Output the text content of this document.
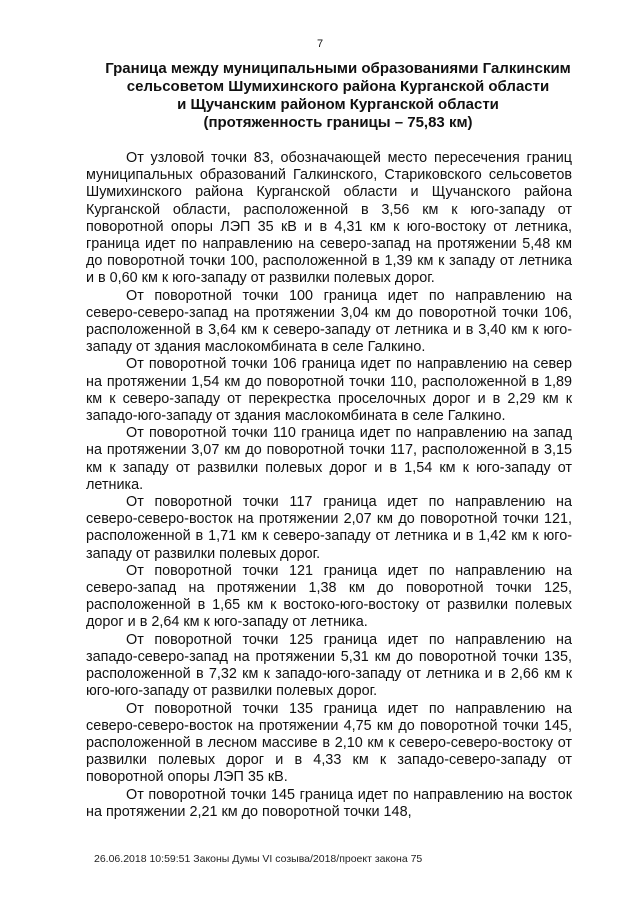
7
Граница между муниципальными образованиями Галкинским
сельсоветом Шумихинского района Курганской области
и Щучанским районом Курганской области
(протяженность границы – 75,83 км)

От узловой точки 83, обозначающей место пересечения границ муниципальных образований Галкинского, Стариковского сельсоветов Шумихинского района Курганской области и Щучанского района Курганской области, расположенной в 3,56 км к юго-западу от поворотной опоры ЛЭП 35 кВ и в 4,31 км к юго-востоку от летника, граница идет по направлению на северо-запад на протяжении 5,48 км до поворотной точки 100, расположенной в 1,39 км к западу от летника и в 0,60 км к юго-западу от развилки полевых дорог.

От поворотной точки 100 граница идет по направлению на северо-северо-запад на протяжении 3,04 км до поворотной точки 106, расположенной в 3,64 км к северо-западу от летника и в 3,40 км к юго-западу от здания маслокомбината в селе Галкино.

От поворотной точки 106 граница идет по направлению на север на протяжении 1,54 км до поворотной точки 110, расположенной в 1,89 км к северо-западу от перекрестка проселочных дорог и в 2,29 км к западо-юго-западу от здания маслокомбината в селе Галкино.

От поворотной точки 110 граница идет по направлению на запад на протяжении 3,07 км до поворотной точки 117, расположенной в 3,15 км к западу от развилки полевых дорог и в 1,54 км к юго-западу от летника.

От поворотной точки 117 граница идет по направлению на северо-северо-восток на протяжении 2,07 км до поворотной точки 121, расположенной в 1,71 км к северо-западу от летника и в 1,42 км к юго-западу от развилки полевых дорог.

От поворотной точки 121 граница идет по направлению на северо-запад на протяжении 1,38 км до поворотной точки 125, расположенной в 1,65 км к востоко-юго-востоку от развилки полевых дорог и в 2,64 км к юго-западу от летника.

От поворотной точки 125 граница идет по направлению на западо-северо-запад на протяжении 5,31 км до поворотной точки 135, расположенной в 7,32 км к западо-юго-западу от летника и в 2,66 км к юго-юго-западу от развилки полевых дорог.

От поворотной точки 135 граница идет по направлению на северо-северо-восток на протяжении 4,75 км до поворотной точки 145, расположенной в лесном массиве в 2,10 км к северо-северо-востоку от развилки полевых дорог и в 4,33 км к западо-северо-западу от поворотной опоры ЛЭП 35 кВ.

От поворотной точки 145 граница идет по направлению на восток на протяжении 2,21 км до поворотной точки 148,

26.06.2018 10:59:51 Законы Думы VI созыва/2018/проект закона 75
